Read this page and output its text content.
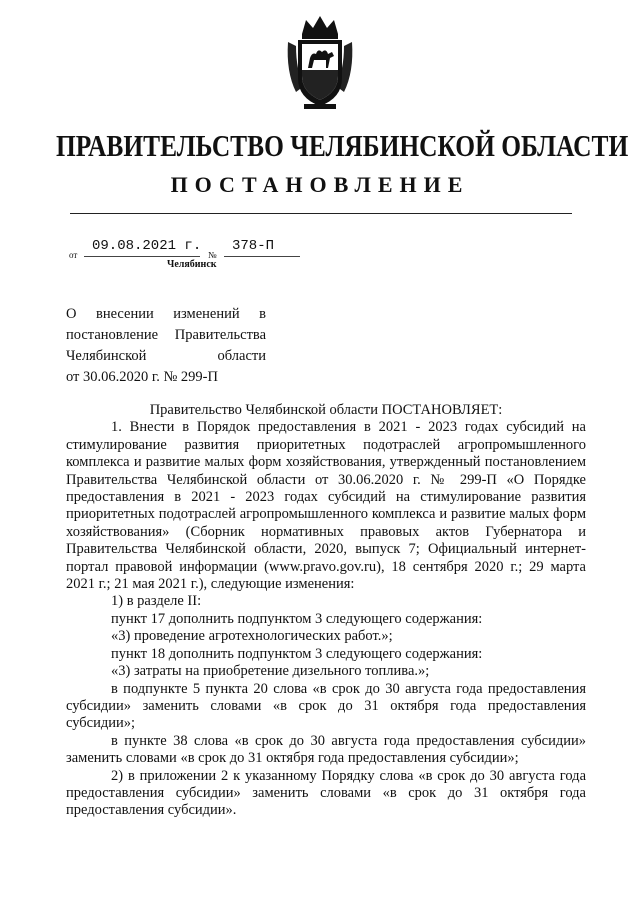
ПРАВИТЕЛЬСТВО ЧЕЛЯБИНСКОЙ ОБЛАСТИ
ПОСТАНОВЛЕНИЕ
от
09.08.2021 г.
№
378-П
Челябинск
О внесении изменений в
постановление Правительства
Челябинской области
от 30.06.2020 г. № 299-П

Правительство Челябинской области ПОСТАНОВЛЯЕТ:

1. Внести в Порядок предоставления в 2021 - 2023 годах субсидий на стимулирование развития приоритетных подотраслей агропромышленного комплекса и развитие малых форм хозяйствования, утвержденный постановлением Правительства Челябинской области от 30.06.2020 г. № 299-П «О Порядке предоставления в 2021 - 2023 годах субсидий на стимулирование развития приоритетных подотраслей агропромышленного комплекса и развитие малых форм хозяйствования» (Сборник нормативных правовых актов Губернатора и Правительства Челябинской области, 2020, выпуск 7; Официальный интернет-портал правовой информации (www.pravo.gov.ru), 18 сентября 2020 г.; 29 марта 2021 г.; 21 мая 2021 г.), следующие изменения:

1) в разделе II:

пункт 17 дополнить подпунктом 3 следующего содержания:

«3) проведение агротехнологических работ.»;

пункт 18 дополнить подпунктом 3 следующего содержания:

«3) затраты на приобретение дизельного топлива.»;

в подпункте 5 пункта 20 слова «в срок до 30 августа года предоставления субсидии» заменить словами «в срок до 31 октября года предоставления субсидии»;

в пункте 38 слова «в срок до 30 августа года предоставления субсидии» заменить словами «в срок до 31 октября года предоставления субсидии»;

2) в приложении 2 к указанному Порядку слова «в срок до 30 августа года предоставления субсидии» заменить словами «в срок до 31 октября года предоставления субсидии».
